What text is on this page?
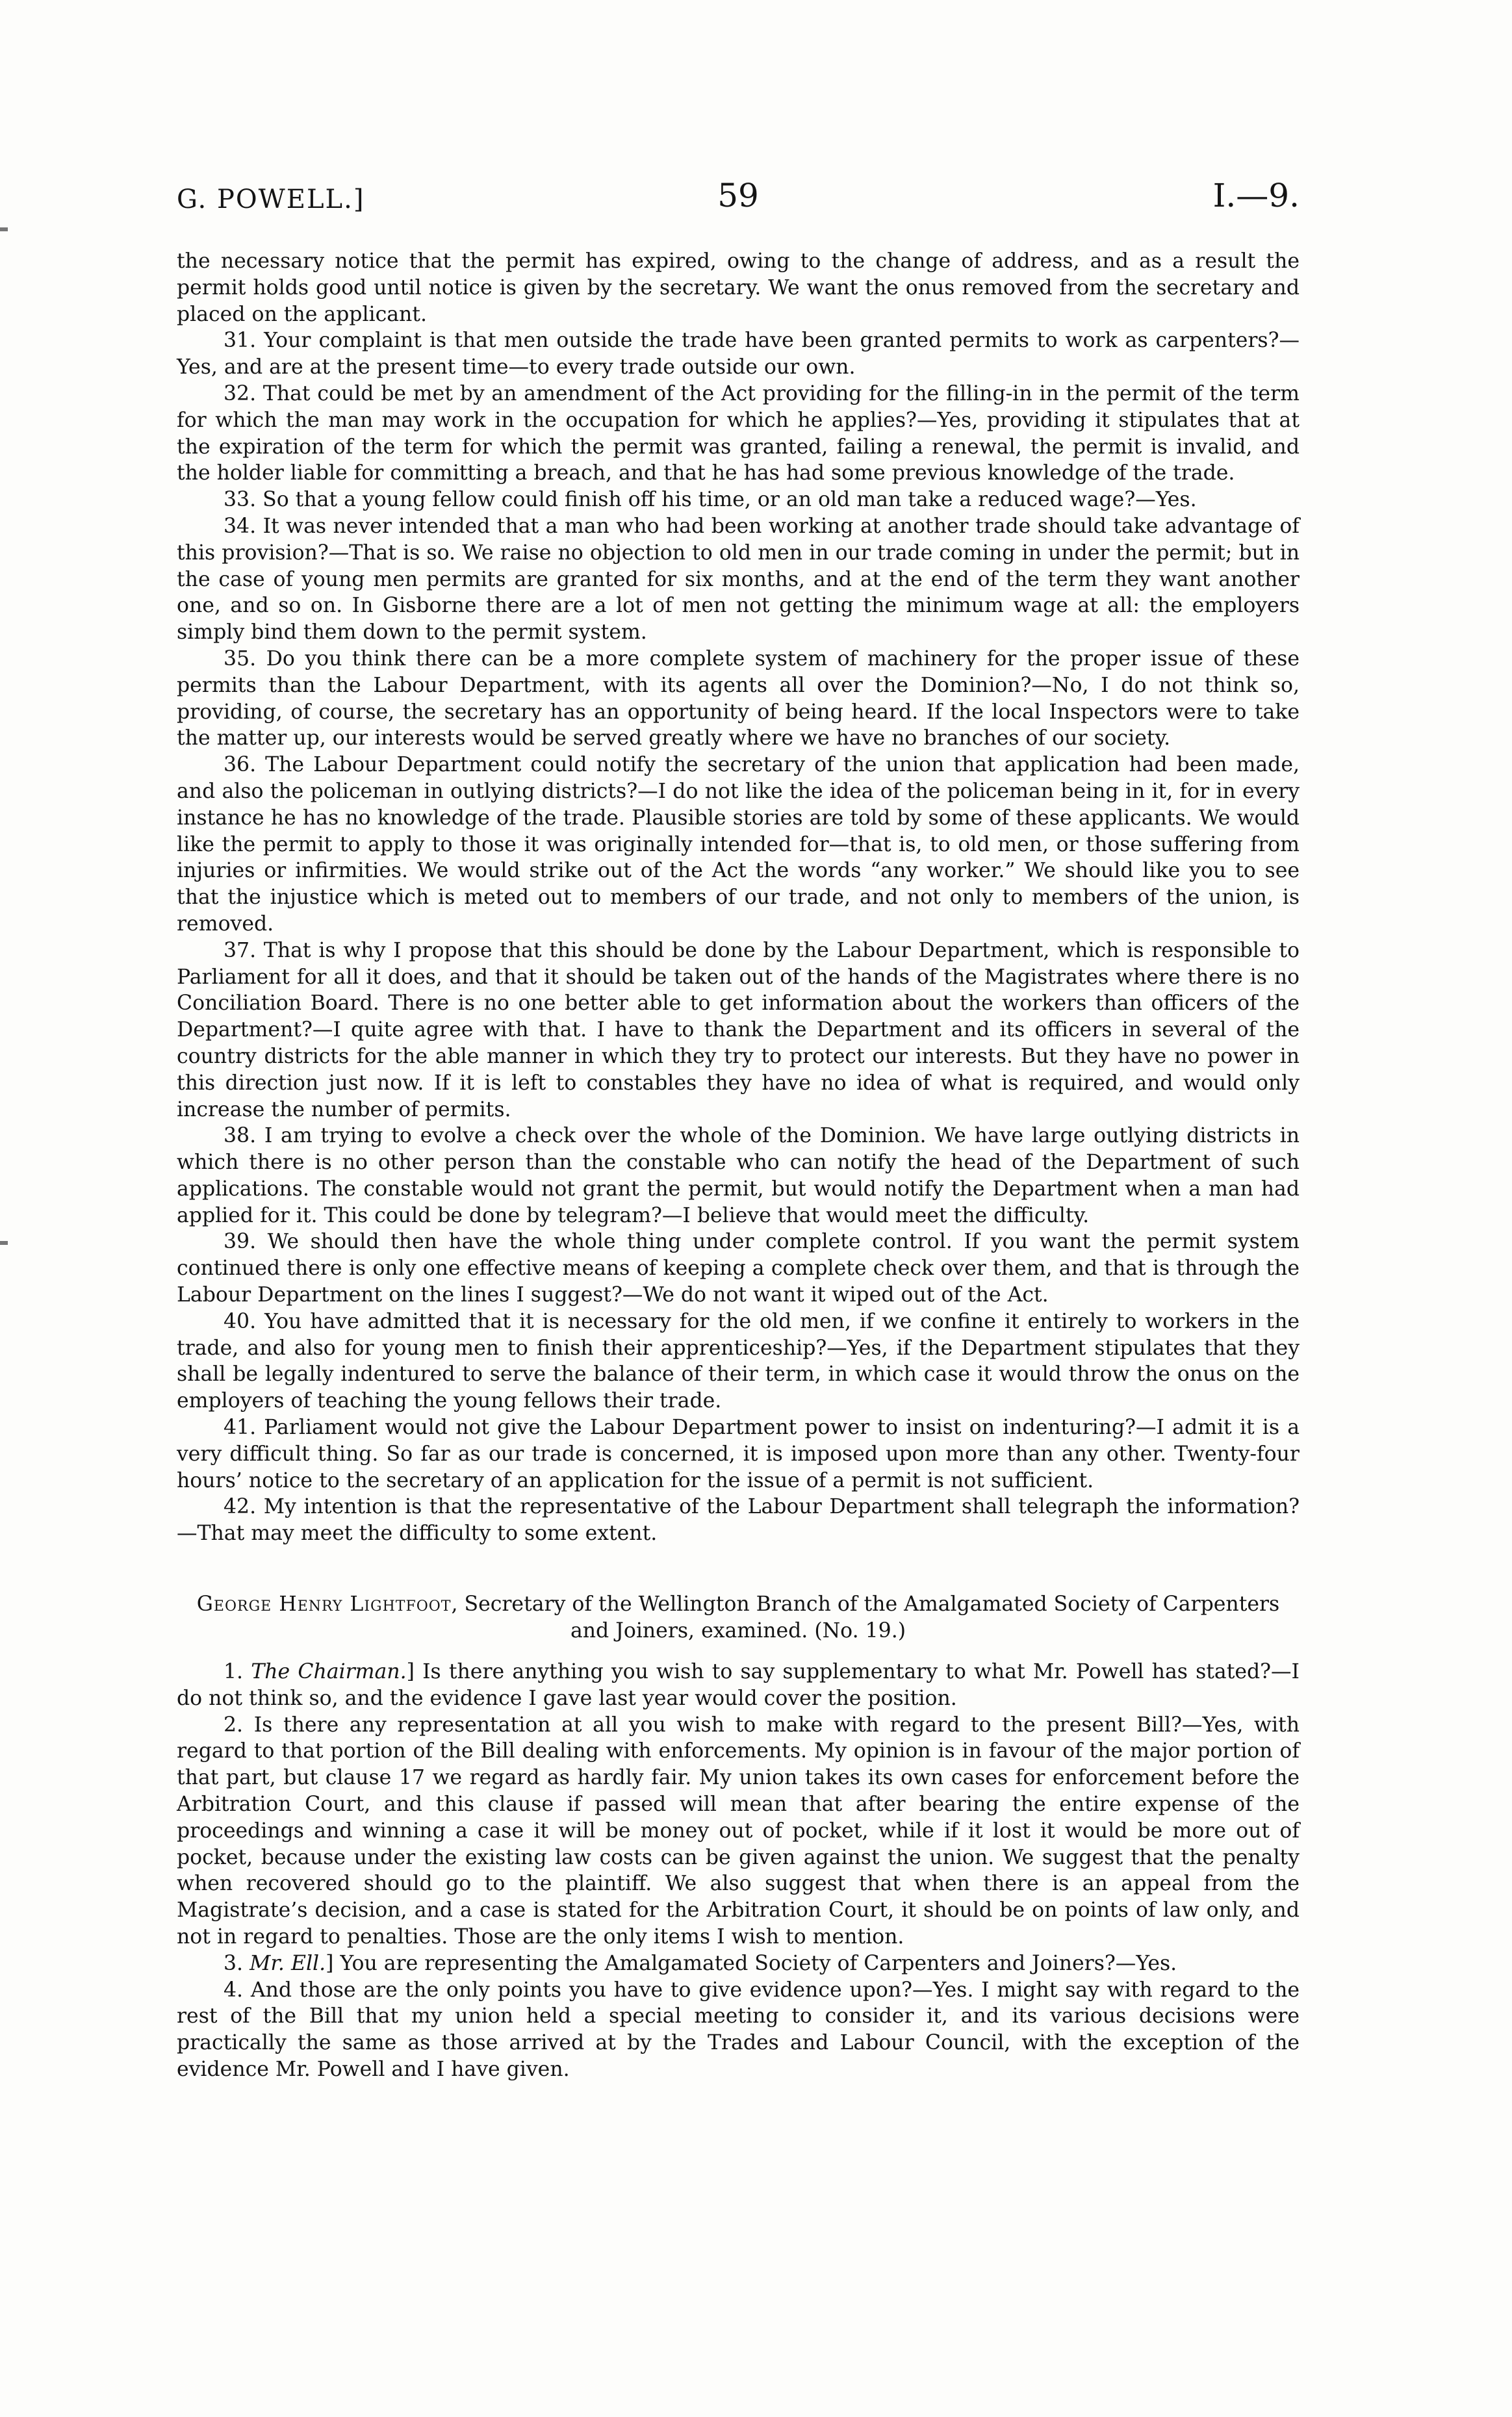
G. POWELL.]	59	I.—9.

the necessary notice that the permit has expired, owing to the change of address, and as a result the permit holds good until notice is given by the secretary. We want the onus removed from the secretary and placed on the applicant.

31. Your complaint is that men outside the trade have been granted permits to work as carpenters?—Yes, and are at the present time—to every trade outside our own.

32. That could be met by an amendment of the Act providing for the filling-in in the permit of the term for which the man may work in the occupation for which he applies?—Yes, providing it stipulates that at the expiration of the term for which the permit was granted, failing a renewal, the permit is invalid, and the holder liable for committing a breach, and that he has had some previous knowledge of the trade.

33. So that a young fellow could finish off his time, or an old man take a reduced wage?—Yes.

34. It was never intended that a man who had been working at another trade should take advantage of this provision?—That is so. We raise no objection to old men in our trade coming in under the permit; but in the case of young men permits are granted for six months, and at the end of the term they want another one, and so on. In Gisborne there are a lot of men not getting the minimum wage at all: the employers simply bind them down to the permit system.

35. Do you think there can be a more complete system of machinery for the proper issue of these permits than the Labour Department, with its agents all over the Dominion?—No, I do not think so, providing, of course, the secretary has an opportunity of being heard. If the local Inspectors were to take the matter up, our interests would be served greatly where we have no branches of our society.

36. The Labour Department could notify the secretary of the union that application had been made, and also the policeman in outlying districts?—I do not like the idea of the policeman being in it, for in every instance he has no knowledge of the trade. Plausible stories are told by some of these applicants. We would like the permit to apply to those it was originally intended for—that is, to old men, or those suffering from injuries or infirmities. We would strike out of the Act the words “any worker.” We should like you to see that the injustice which is meted out to members of our trade, and not only to members of the union, is removed.

37. That is why I propose that this should be done by the Labour Department, which is responsible to Parliament for all it does, and that it should be taken out of the hands of the Magistrates where there is no Conciliation Board. There is no one better able to get information about the workers than officers of the Department?—I quite agree with that. I have to thank the Department and its officers in several of the country districts for the able manner in which they try to protect our interests. But they have no power in this direction just now. If it is left to constables they have no idea of what is required, and would only increase the number of permits.

38. I am trying to evolve a check over the whole of the Dominion. We have large outlying districts in which there is no other person than the constable who can notify the head of the Department of such applications. The constable would not grant the permit, but would notify the Department when a man had applied for it. This could be done by telegram?—I believe that would meet the difficulty.

39. We should then have the whole thing under complete control. If you want the permit system continued there is only one effective means of keeping a complete check over them, and that is through the Labour Department on the lines I suggest?—We do not want it wiped out of the Act.

40. You have admitted that it is necessary for the old men, if we confine it entirely to workers in the trade, and also for young men to finish their apprenticeship?—Yes, if the Department stipulates that they shall be legally indentured to serve the balance of their term, in which case it would throw the onus on the employers of teaching the young fellows their trade.

41. Parliament would not give the Labour Department power to insist on indenturing?—I admit it is a very difficult thing. So far as our trade is concerned, it is imposed upon more than any other. Twenty-four hours’ notice to the secretary of an application for the issue of a permit is not sufficient.

42. My intention is that the representative of the Labour Department shall telegraph the information?—That may meet the difficulty to some extent.

George Henry Lightfoot, Secretary of the Wellington Branch of the Amalgamated Society of Carpenters and Joiners, examined. (No. 19.)

1. The Chairman.] Is there anything you wish to say supplementary to what Mr. Powell has stated?—I do not think so, and the evidence I gave last year would cover the position.

2. Is there any representation at all you wish to make with regard to the present Bill?—Yes, with regard to that portion of the Bill dealing with enforcements. My opinion is in favour of the major portion of that part, but clause 17 we regard as hardly fair. My union takes its own cases for enforcement before the Arbitration Court, and this clause if passed will mean that after bearing the entire expense of the proceedings and winning a case it will be money out of pocket, while if it lost it would be more out of pocket, because under the existing law costs can be given against the union. We suggest that the penalty when recovered should go to the plaintiff. We also suggest that when there is an appeal from the Magistrate’s decision, and a case is stated for the Arbitration Court, it should be on points of law only, and not in regard to penalties. Those are the only items I wish to mention.

3. Mr. Ell.] You are representing the Amalgamated Society of Carpenters and Joiners?—Yes.

4. And those are the only points you have to give evidence upon?—Yes. I might say with regard to the rest of the Bill that my union held a special meeting to consider it, and its various decisions were practically the same as those arrived at by the Trades and Labour Council, with the exception of the evidence Mr. Powell and I have given.
